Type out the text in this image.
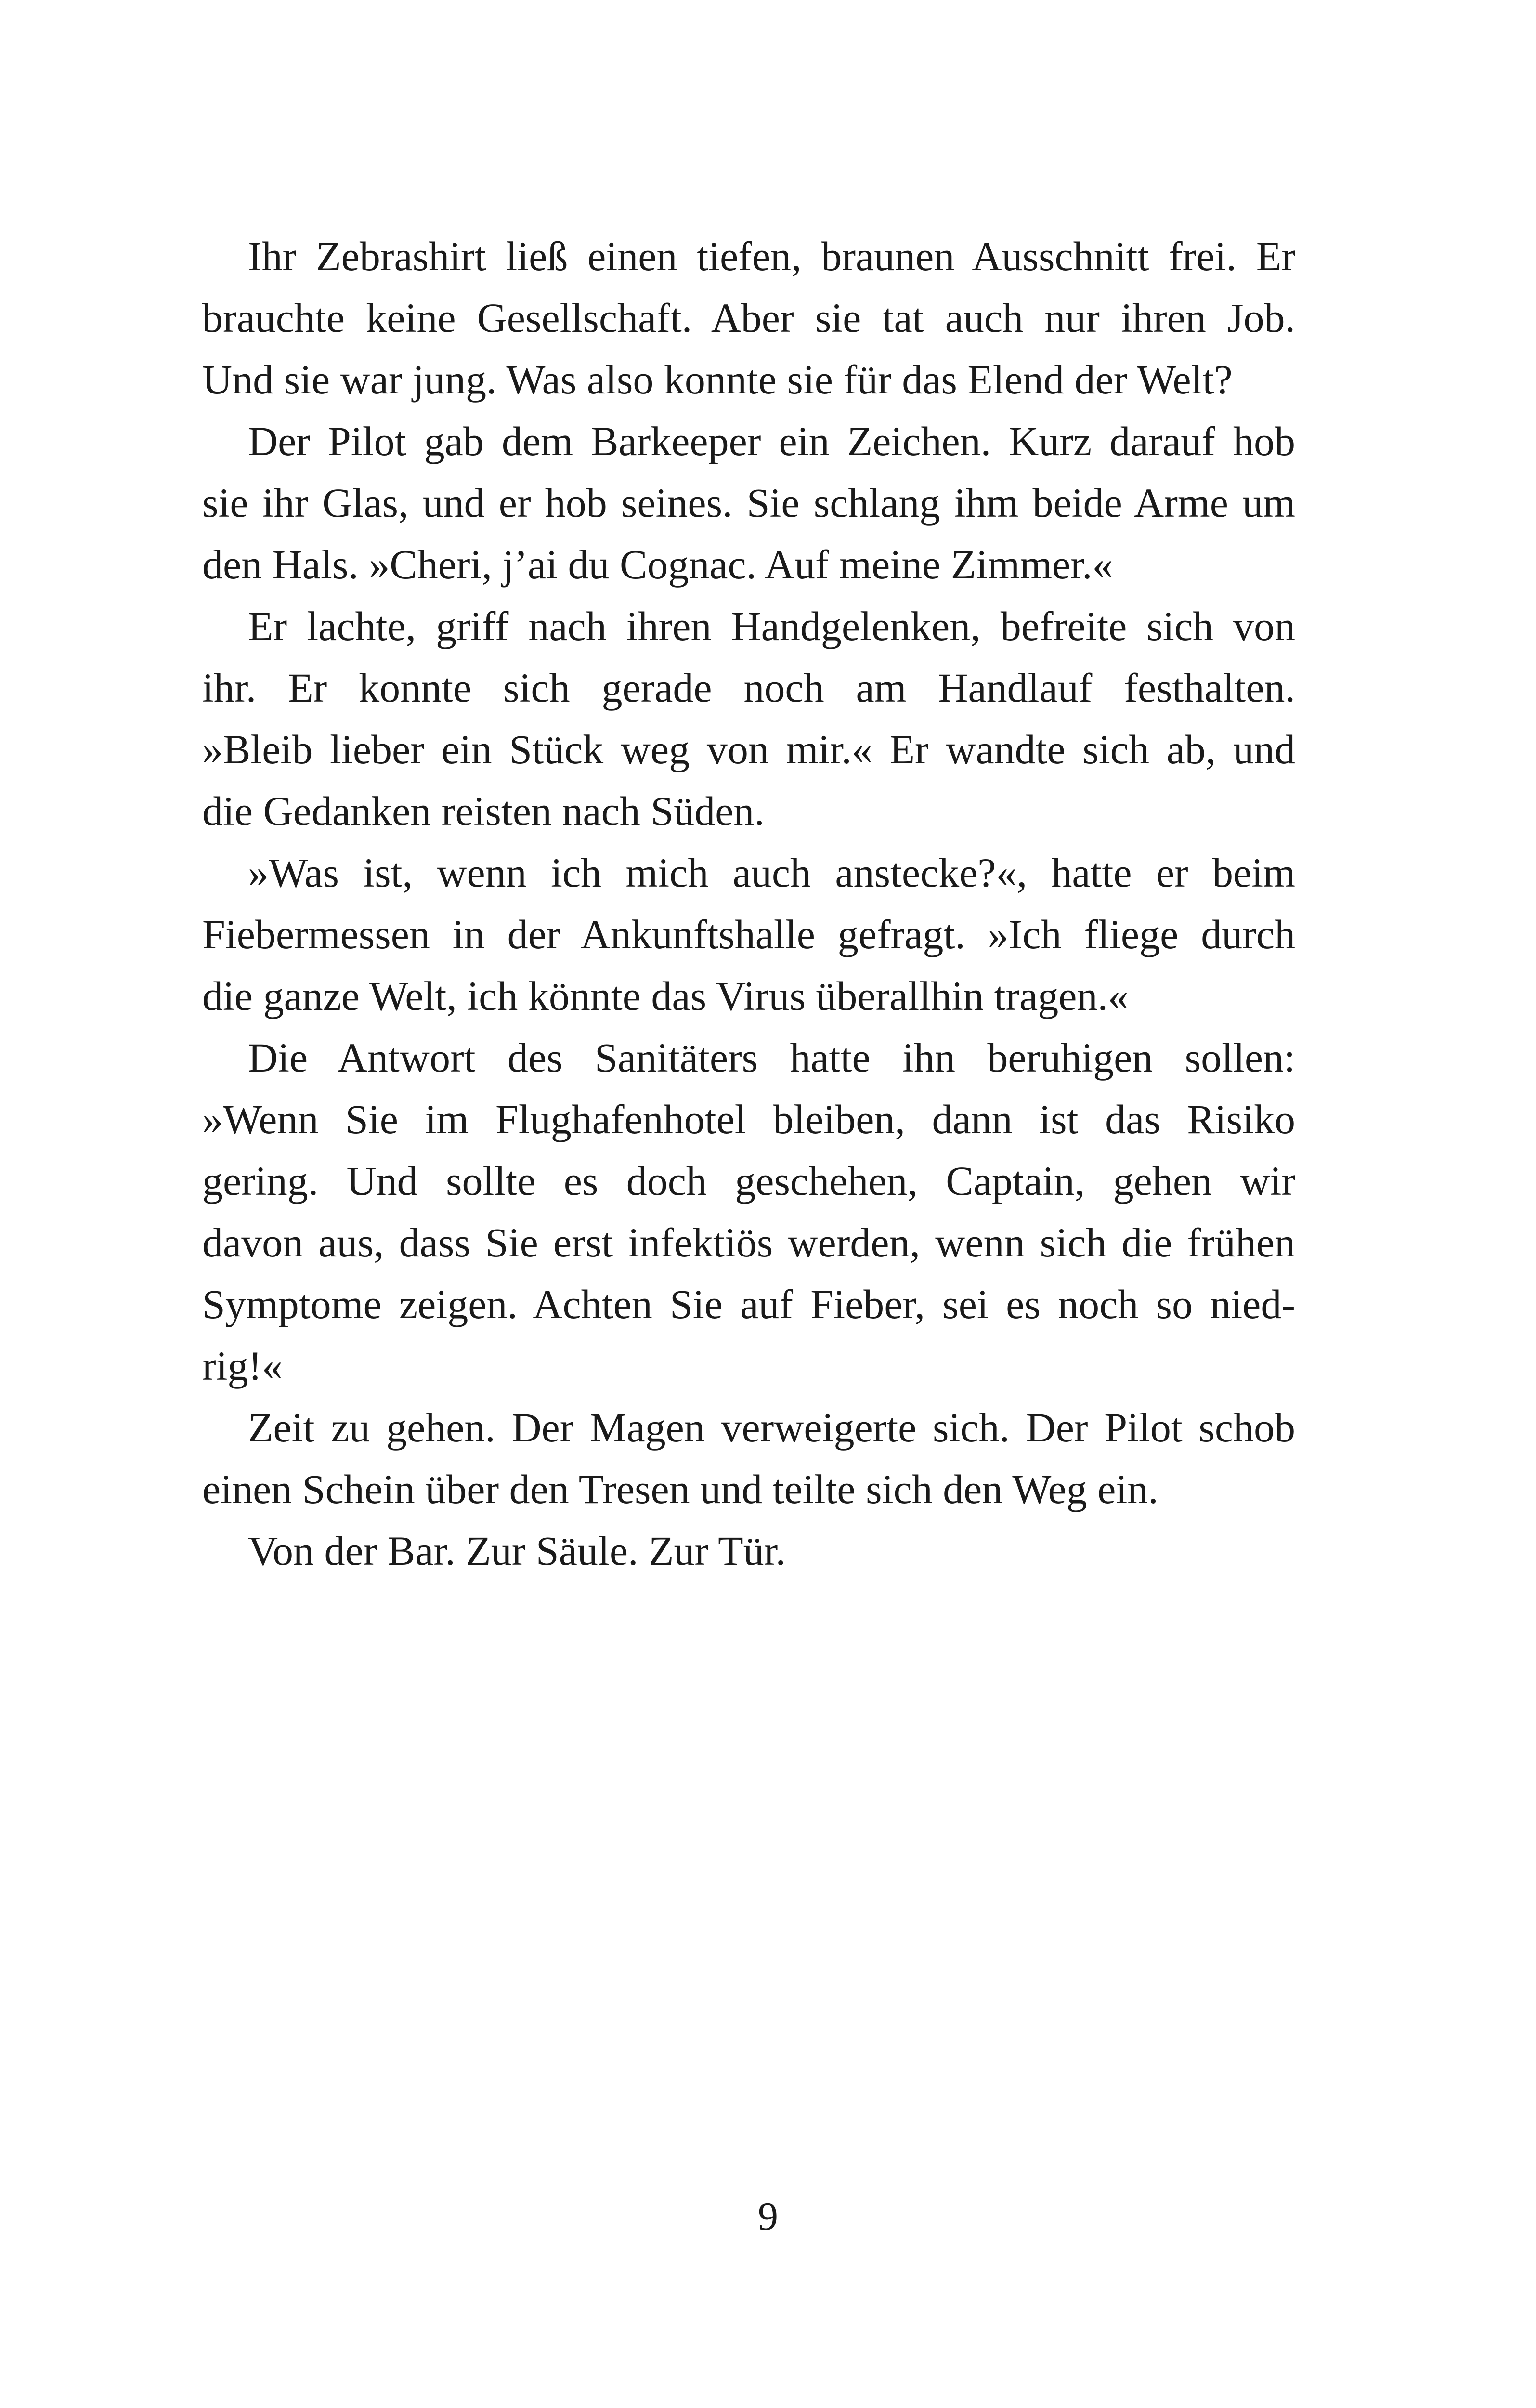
Ihr Zebrashirt ließ einen tiefen, braunen Ausschnitt frei. Er
brauchte keine Gesellschaft. Aber sie tat auch nur ihren Job.
Und sie war jung. Was also konnte sie für das Elend der Welt?
Der Pilot gab dem Barkeeper ein Zeichen. Kurz darauf hob
sie ihr Glas, und er hob seines. Sie schlang ihm beide Arme um
den Hals. »Cheri, j’ai du Cognac. Auf meine Zimmer.«
Er lachte, griff nach ihren Handgelenken, befreite sich von
ihr. Er konnte sich gerade noch am Handlauf festhalten.
»Bleib lieber ein Stück weg von mir.« Er wandte sich ab, und
die Gedanken reisten nach Süden.
»Was ist, wenn ich mich auch anstecke?«, hatte er beim
Fiebermessen in der Ankunftshalle gefragt. »Ich fliege durch
die ganze Welt, ich könnte das Virus überallhin tragen.«
Die Antwort des Sanitäters hatte ihn beruhigen sollen:
»Wenn Sie im Flughafenhotel bleiben, dann ist das Risiko
gering. Und sollte es doch geschehen, Captain, gehen wir
davon aus, dass Sie erst infektiös werden, wenn sich die frühen
Symptome zeigen. Achten Sie auf Fieber, sei es noch so nied-
rig!«
Zeit zu gehen. Der Magen verweigerte sich. Der Pilot schob
einen Schein über den Tresen und teilte sich den Weg ein.
Von der Bar. Zur Säule. Zur Tür.
9
